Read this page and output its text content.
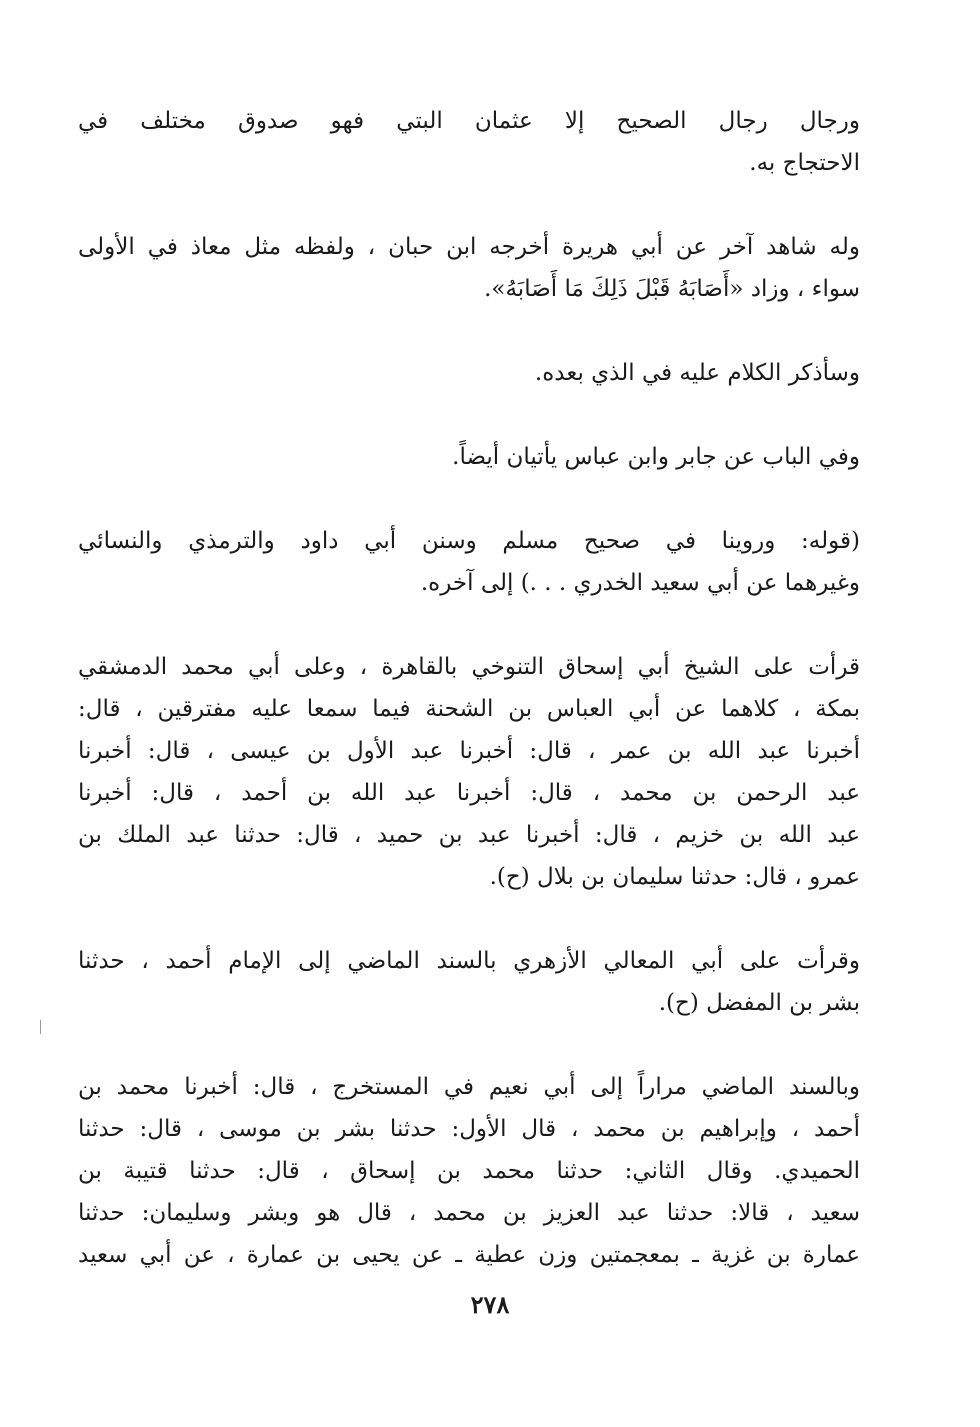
ورجال رجال الصحيح إلا عثمان البتي فهو صدوق مختلف في
الاحتجاج به.

وله شاهد آخر عن أبي هريرة أخرجه ابن حبان ، ولفظه مثل معاذ في الأولى
سواء ، وزاد «أَصَابَهُ قَبْلَ ذَلِكَ مَا أَصَابَهُ».

وسأذكر الكلام عليه في الذي بعده.

وفي الباب عن جابر وابن عباس يأتيان أيضاً.

(قوله: وروينا في صحيح مسلم وسنن أبي داود والترمذي والنسائي
وغيرهما عن أبي سعيد الخدري . . .) إلى آخره.

قرأت على الشيخ أبي إسحاق التنوخي بالقاهرة ، وعلى أبي محمد الدمشقي
بمكة ، كلاهما عن أبي العباس بن الشحنة فيما سمعا عليه مفترقين ، قال:
أخبرنا عبد الله بن عمر ، قال: أخبرنا عبد الأول بن عيسى ، قال: أخبرنا
عبد الرحمن بن محمد ، قال: أخبرنا عبد الله بن أحمد ، قال: أخبرنا
عبد الله بن خزيم ، قال: أخبرنا عبد بن حميد ، قال: حدثنا عبد الملك بن
عمرو ، قال: حدثنا سليمان بن بلال (ح).

وقرأت على أبي المعالي الأزهري بالسند الماضي إلى الإمام أحمد ، حدثنا
بشر بن المفضل (ح).

وبالسند الماضي مراراً إلى أبي نعيم في المستخرج ، قال: أخبرنا محمد بن
أحمد ، وإبراهيم بن محمد ، قال الأول: حدثنا بشر بن موسى ، قال: حدثنا
الحميدي. وقال الثاني: حدثنا محمد بن إسحاق ، قال: حدثنا قتيبة بن
سعيد ، قالا: حدثنا عبد العزيز بن محمد ، قال هو وبشر وسليمان: حدثنا
عمارة بن غزية ـ بمعجمتين وزن عطية ـ عن يحيى بن عمارة ، عن أبي سعيد

٢٧٨
